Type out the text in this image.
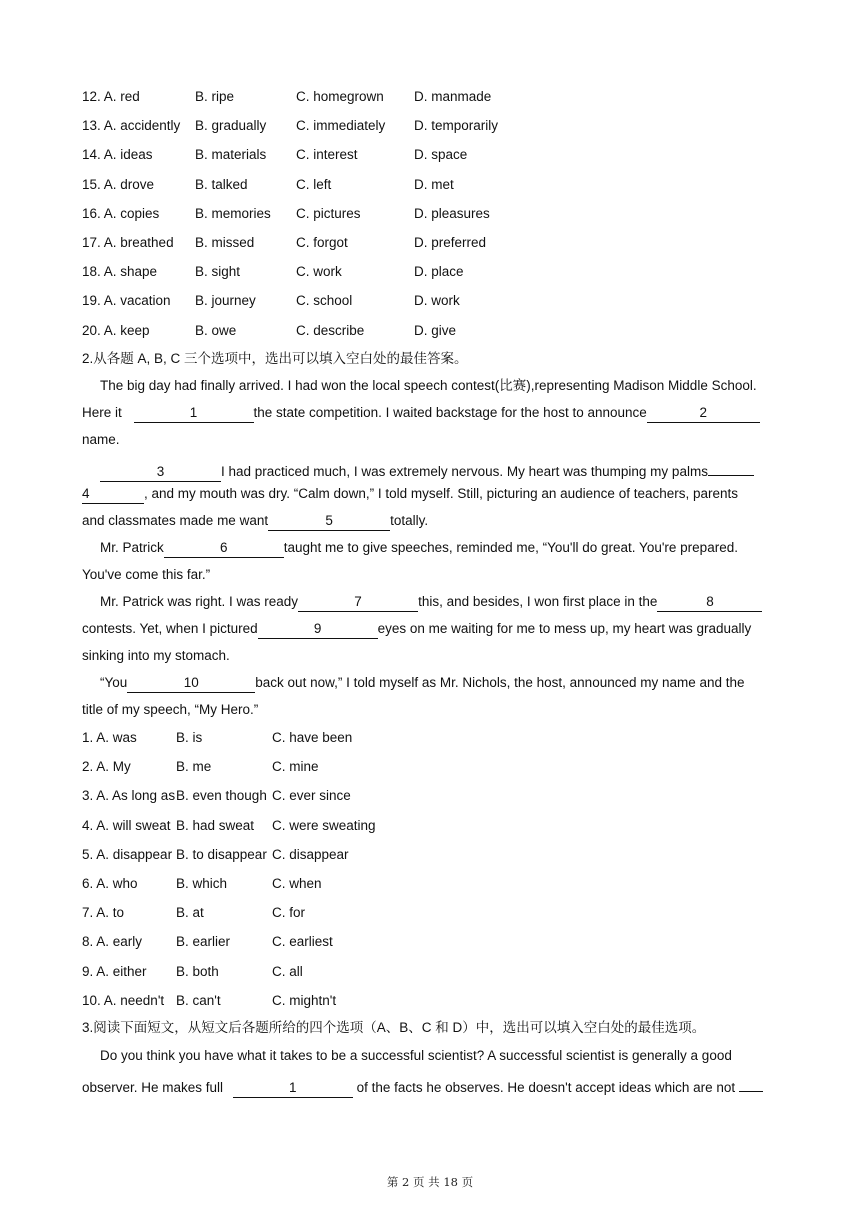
12. A. red	B. ripe	C. homegrown D. manmade
13. A. accidently B. gradually C. immediately D. temporarily
14. A. ideas	B. materials C. interest	D. space
15. A. drove	B. talked	C. left	D. met
16. A. copies	B. memories C. pictures	D. pleasures
17. A. breathed B. missed	C. forgot	D. preferred
18. A. shape	B. sight	C. work	D. place
19. A. vacation B. journey	C. school	D. work
20. A. keep	B. owe	C. describe	D. give
2.从各题 A, B, C 三个选项中，选出可以填入空白处的最佳答案。
The big day had finally arrived. I had won the local speech contest(比赛),representing Madison Middle School.
Here it	1	the state competition. I waited backstage for the host to announce	2
name.
3	I had practiced much, I was extremely nervous. My heart was thumping my palms
4	, and my mouth was dry. “Calm down,” I told myself. Still, picturing an audience of teachers, parents
and classmates made me want	5	totally.
Mr. Patrick	6	taught me to give speeches, reminded me, “You'll do great. You're prepared.
You've come this far.”
Mr. Patrick was right. I was ready	7	this, and besides, I won first place in the	8
contests. Yet, when I pictured	9	eyes on me waiting for me to mess up, my heart was gradually
sinking into my stomach.
“You	10	back out now,” I told myself as Mr. Nichols, the host, announced my name and the
title of my speech, “My Hero.”
1. A. was	B. is	C. have been
2. A. My	B. me	C. mine
3. A. As long as B. even though C. ever since
4. A. will sweat B. had sweat C. were sweating
5. A. disappear B. to disappear C. disappear
6. A. who	B. which	C. when
7. A. to	B. at	C. for
8. A. early	B. earlier	C. earliest
9. A. either B. both	C. all
10. A. needn't B. can't	C. mightn't
3.阅读下面短文，从短文后各题所给的四个选项（A、B、C 和 D）中，选出可以填入空白处的最佳选项。
Do you think you have what it takes to be a successful scientist? A successful scientist is generally a good
observer. He makes full	1	of the facts he observes. He doesn't accept ideas which are not
第 2 页 共 18 页
